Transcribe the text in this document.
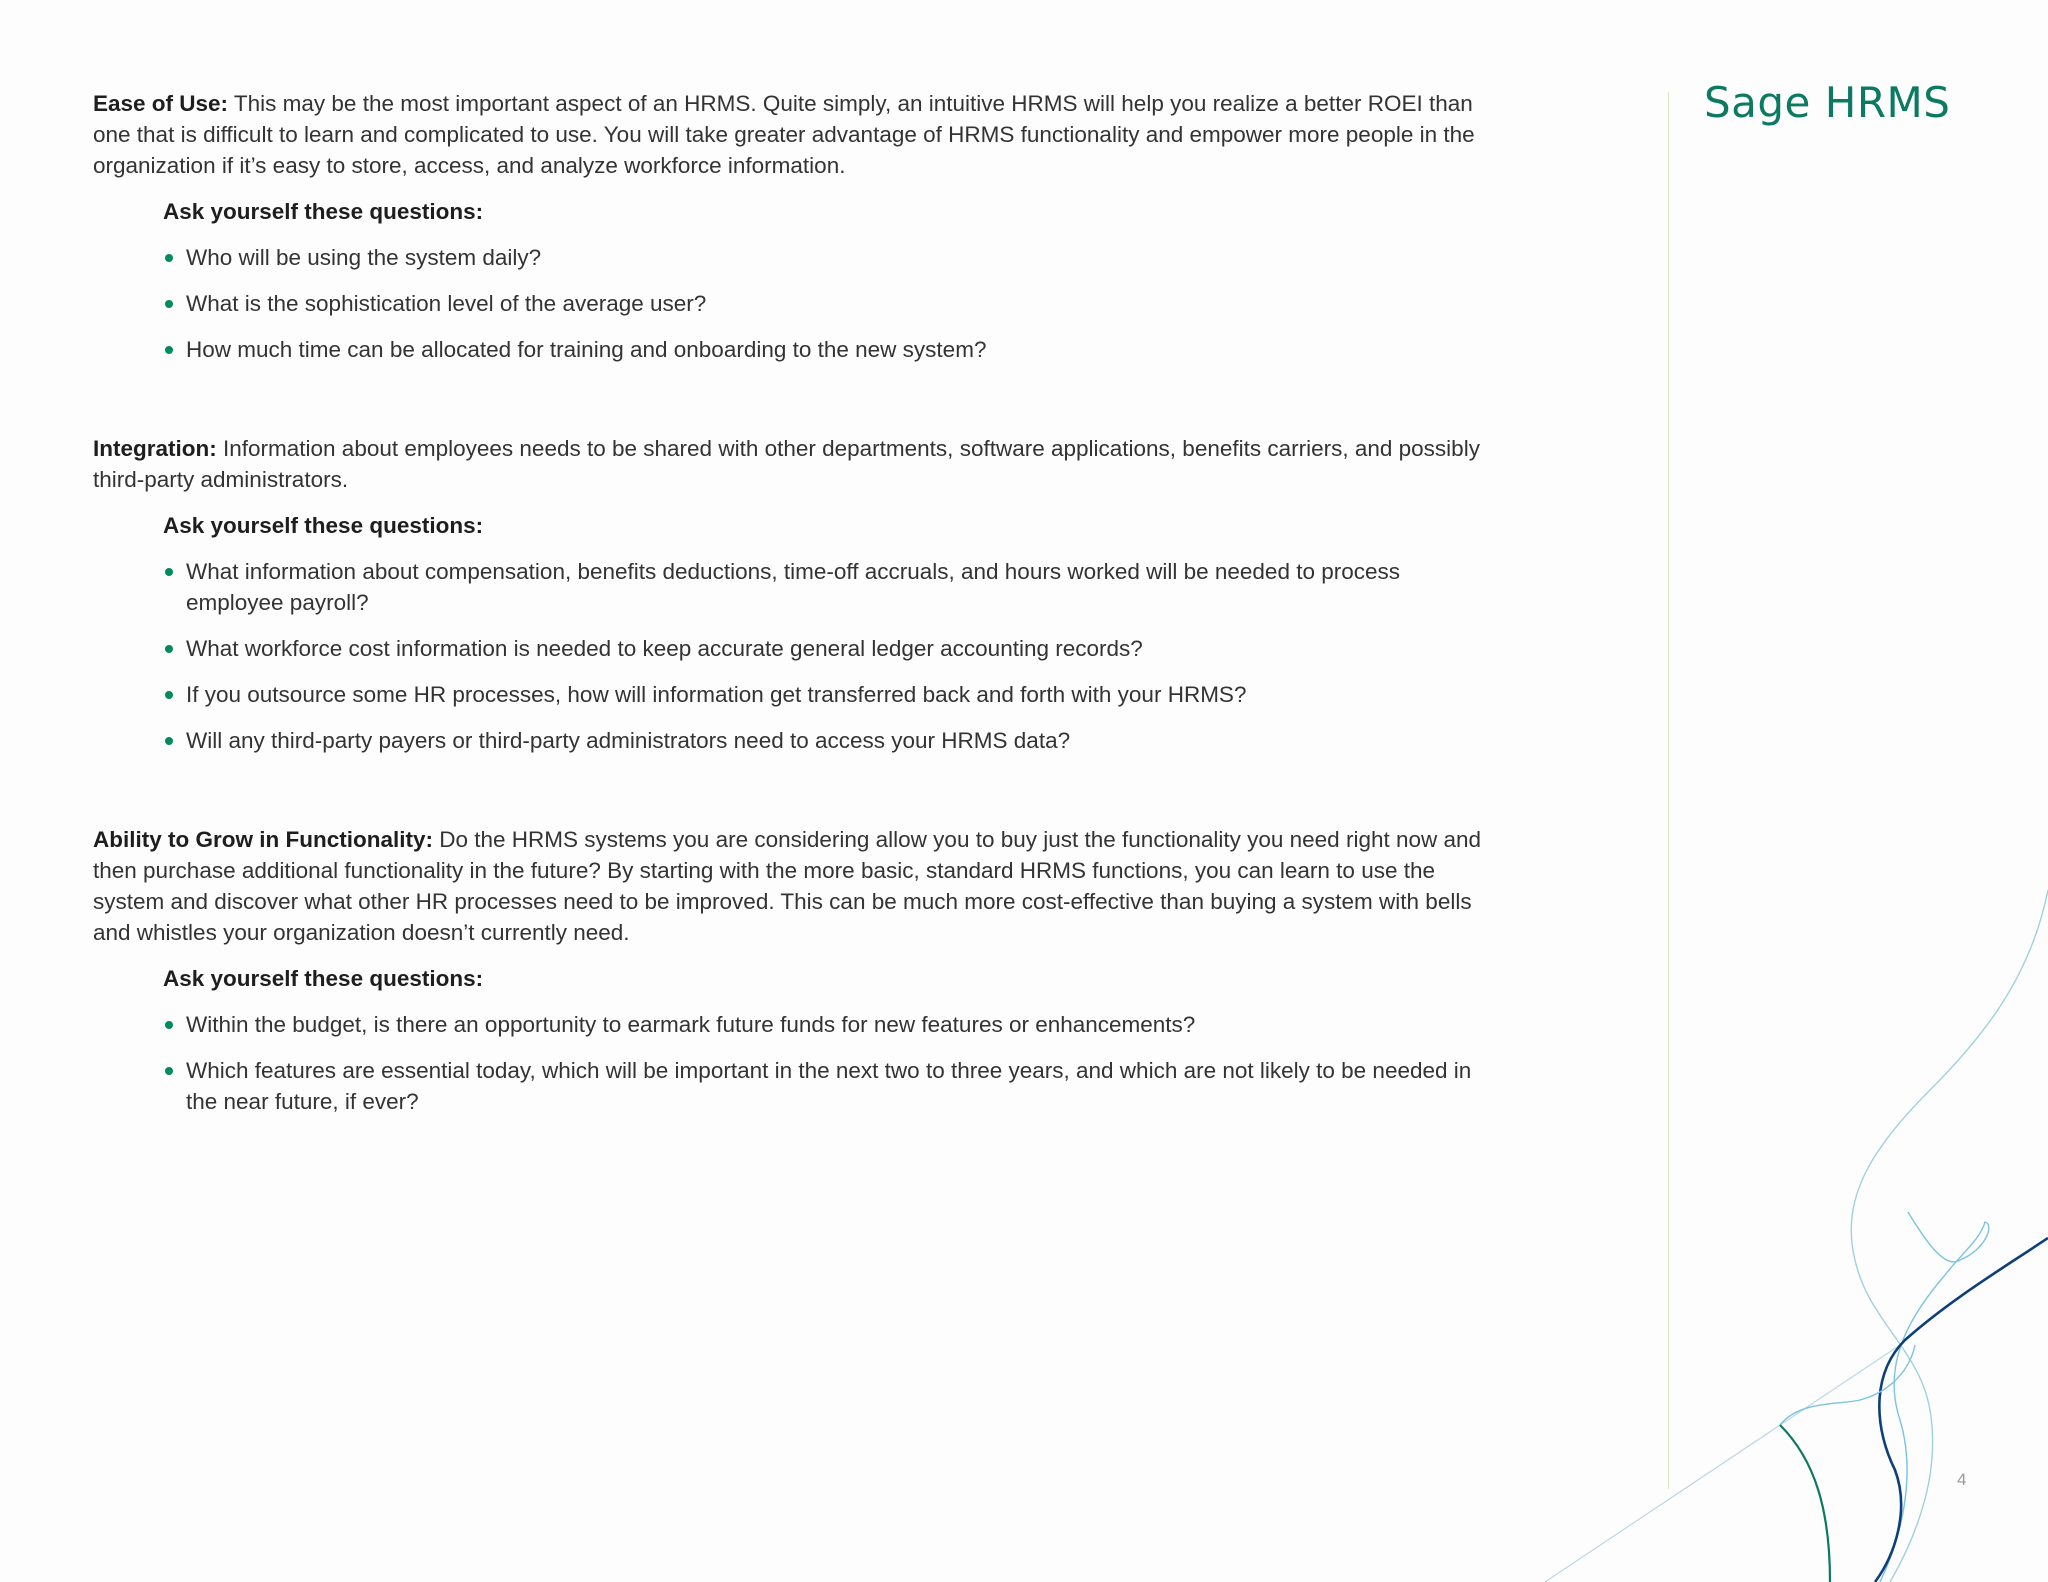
Ease of Use: This may be the most important aspect of an HRMS. Quite simply, an intuitive HRMS will help you realize a better ROEI than one that is difficult to learn and complicated to use. You will take greater advantage of HRMS functionality and empower more people in the organization if it’s easy to store, access, and analyze workforce information.

Ask yourself these questions:
Who will be using the system daily?
What is the sophistication level of the average user?
How much time can be allocated for training and onboarding to the new system?

Integration: Information about employees needs to be shared with other departments, software applications, benefits carriers, and possibly third-party administrators.

Ask yourself these questions:
What information about compensation, benefits deductions, time-off accruals, and hours worked will be needed to process employee payroll?
What workforce cost information is needed to keep accurate general ledger accounting records?
If you outsource some HR processes, how will information get transferred back and forth with your HRMS?
Will any third-party payers or third-party administrators need to access your HRMS data?

Ability to Grow in Functionality: Do the HRMS systems you are considering allow you to buy just the functionality you need right now and then purchase additional functionality in the future? By starting with the more basic, standard HRMS functions, you can learn to use the system and discover what other HR processes need to be improved. This can be much more cost-effective than buying a system with bells and whistles your organization doesn’t currently need.

Ask yourself these questions:
Within the budget, is there an opportunity to earmark future funds for new features or enhancements?
Which features are essential today, which will be important in the next two to three years, and which are not likely to be needed in the near future, if ever?
Sage HRMS
4
